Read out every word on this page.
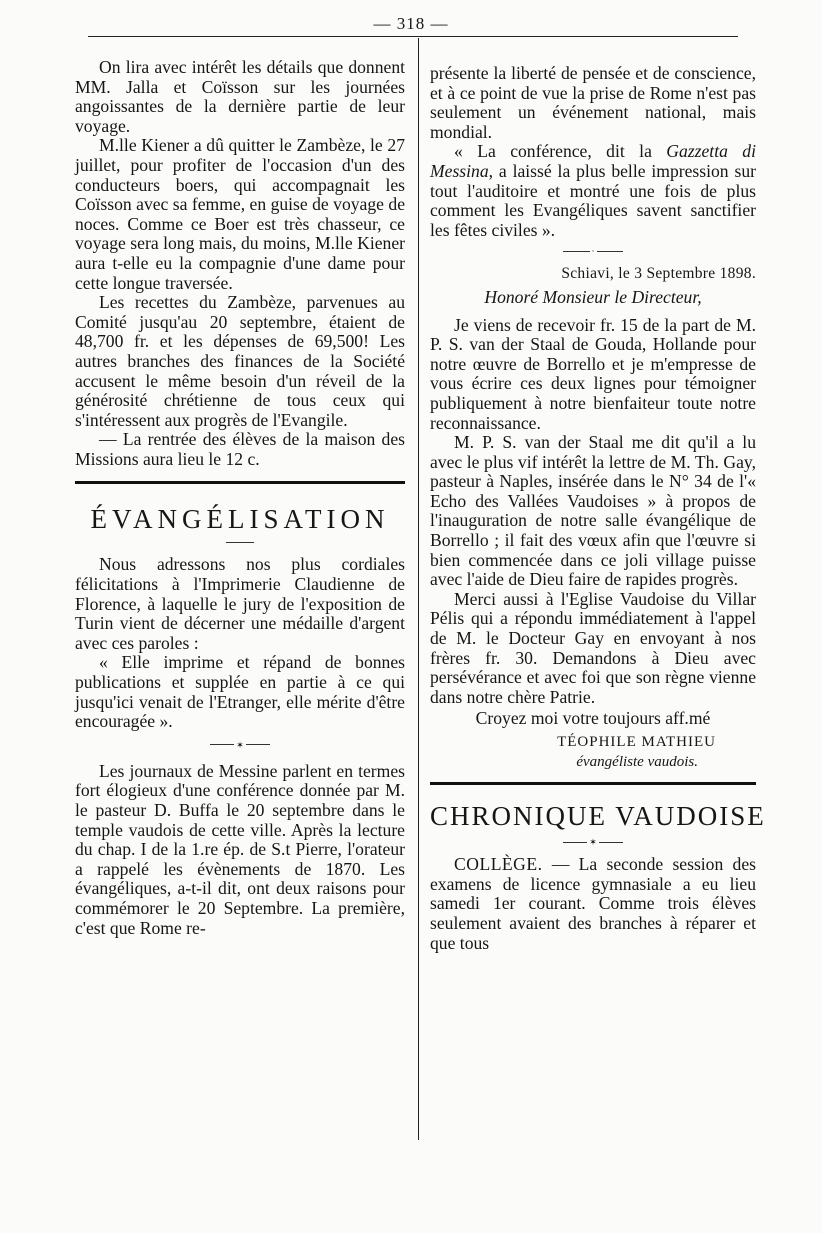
— 318 —

On lira avec intérêt les détails que donnent MM. Jalla et Coïsson sur les journées angoissantes de la dernière partie de leur voyage.

M.lle Kiener a dû quitter le Zambèze, le 27 juillet, pour profiter de l'occasion d'un des conducteurs boers, qui accompagnait les Coïsson avec sa femme, en guise de voyage de noces. Comme ce Boer est très chasseur, ce voyage sera long mais, du moins, M.lle Kiener aura t-elle eu la compagnie d'une dame pour cette longue traversée.

Les recettes du Zambèze, parvenues au Comité jusqu'au 20 septembre, étaient de 48,700 fr. et les dépenses de 69,500! Les autres branches des finances de la Société accusent le même besoin d'un réveil de la générosité chrétienne de tous ceux qui s'intéressent aux progrès de l'Evangile.

— La rentrée des élèves de la maison des Missions aura lieu le 12 c.

ÉVANGÉLISATION

Nous adressons nos plus cordiales félicitations à l'Imprimerie Claudienne de Florence, à laquelle le jury de l'exposition de Turin vient de décerner une médaille d'argent avec ces paroles :

« Elle imprime et répand de bonnes publications et supplée en partie à ce qui jusqu'ici venait de l'Etranger, elle mérite d'être encouragée ».

✶

Les journaux de Messine parlent en termes fort élogieux d'une conférence donnée par M. le pasteur D. Buffa le 20 septembre dans le temple vaudois de cette ville. Après la lecture du chap. I de la 1.re ép. de S.t Pierre, l'orateur a rappelé les évènements de 1870. Les évangéliques, a-t-il dit, ont deux raisons pour commémorer le 20 Septembre. La première, c'est que Rome re-

présente la liberté de pensée et de conscience, et à ce point de vue la prise de Rome n'est pas seulement un événement national, mais mondial.

« La conférence, dit la Gazzetta di Messina, a laissé la plus belle impression sur tout l'auditoire et montré une fois de plus comment les Evangéliques savent sanctifier les fêtes civiles ».

·
Schiavi, le 3 Septembre 1898.
Honoré Monsieur le Directeur,

Je viens de recevoir fr. 15 de la part de M. P. S. van der Staal de Gouda, Hollande pour notre œuvre de Borrello et je m'empresse de vous écrire ces deux lignes pour témoigner publiquement à notre bienfaiteur toute notre reconnaissance.

M. P. S. van der Staal me dit qu'il a lu avec le plus vif intérêt la lettre de M. Th. Gay, pasteur à Naples, insérée dans le N° 34 de l'« Echo des Vallées Vaudoises » à propos de l'inauguration de notre salle évangélique de Borrello ; il fait des vœux afin que l'œuvre si bien commencée dans ce joli village puisse avec l'aide de Dieu faire de rapides progrès.

Merci aussi à l'Eglise Vaudoise du Villar Pélis qui a répondu immédiatement à l'appel de M. le Docteur Gay en envoyant à nos frères fr. 30. Demandons à Dieu avec persévérance et avec foi que son règne vienne dans notre chère Patrie.

Croyez moi votre toujours aff.mé
TÉOPHILE MATHIEU
évangéliste vaudois.
CHRONIQUE VAUDOISE
✶

COLLÈGE. — La seconde session des examens de licence gymnasiale a eu lieu samedi 1er courant. Comme trois élèves seulement avaient des branches à réparer et que tous
